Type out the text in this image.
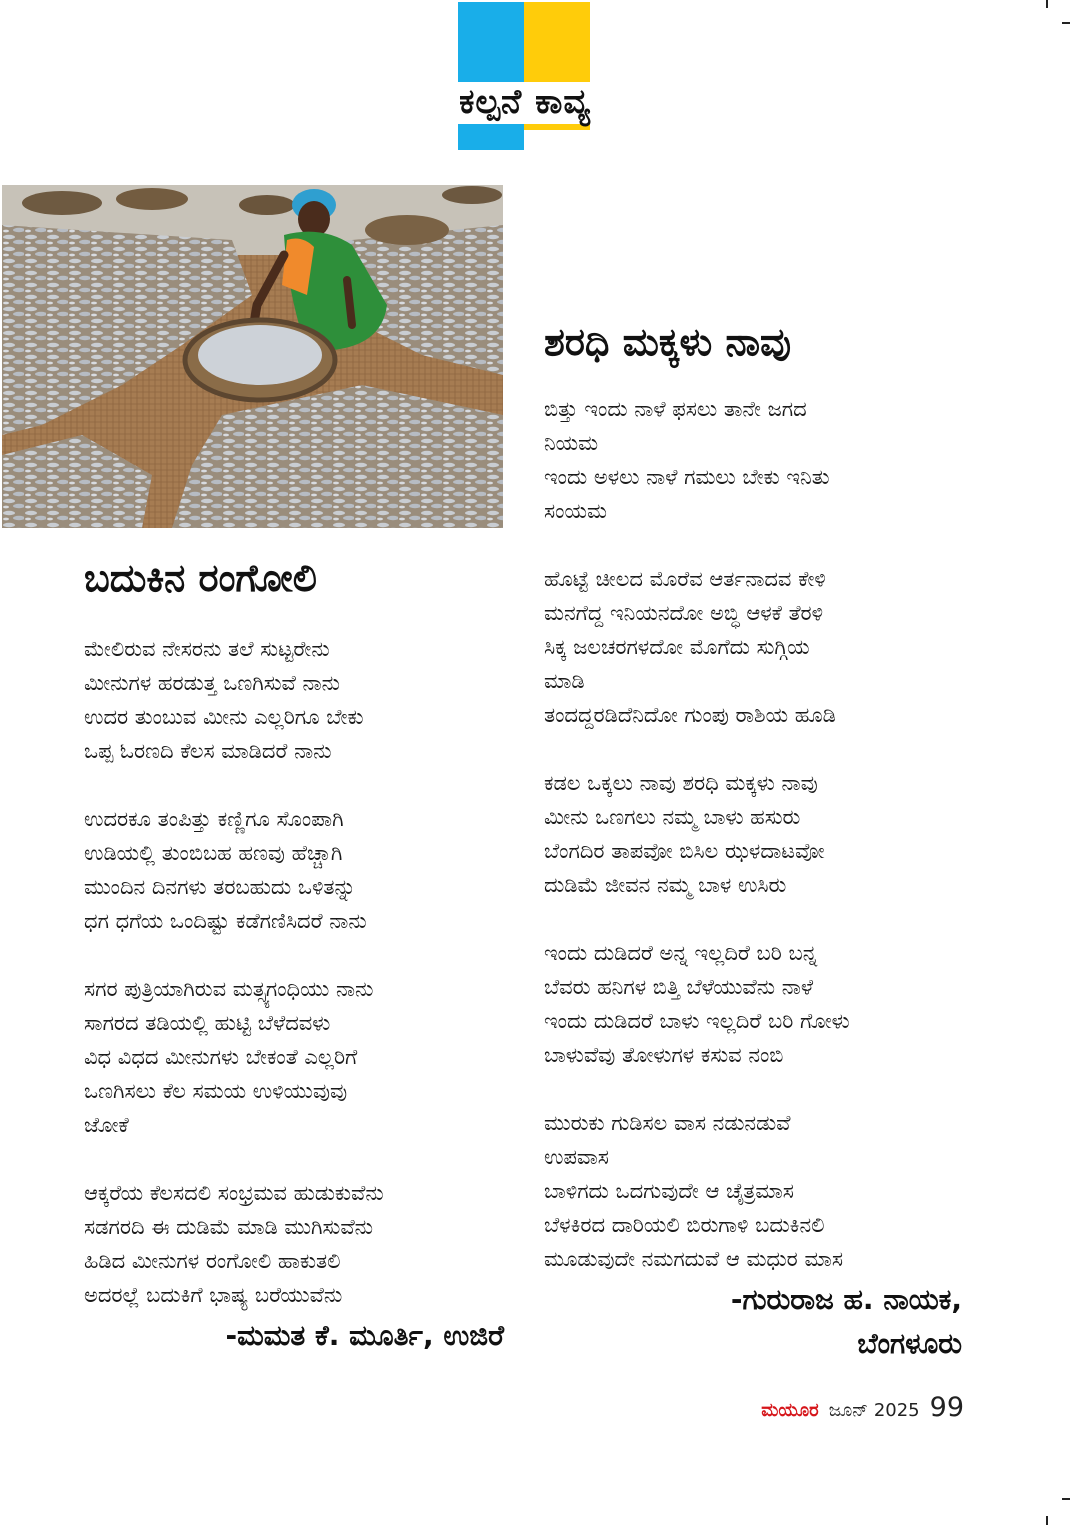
ಕಲ್ಪನೆ ಕಾವ್ಯ
ಬದುಕಿನ ರಂಗೋಲಿ
ಮೇಲಿರುವ ನೇಸರನು ತಲೆ ಸುಟ್ಟರೇನು
ಮೀನುಗಳ ಹರಡುತ್ತ ಒಣಗಿಸುವೆ ನಾನು
ಉದರ ತುಂಬುವ ಮೀನು ಎಲ್ಲರಿಗೂ ಬೇಕು
ಒಪ್ಪ ಓರಣದಿ ಕೆಲಸ ಮಾಡಿದರೆ ನಾನು
ಉದರಕೂ ತಂಪಿತ್ತು ಕಣ್ಣಿಗೂ ಸೊಂಪಾಗಿ
ಉಡಿಯಲ್ಲಿ ತುಂಬಿಬಹ ಹಣವು ಹೆಚ್ಚಾಗಿ
ಮುಂದಿನ ದಿನಗಳು ತರಬಹುದು ಒಳಿತನ್ನು
ಧಗ ಧಗೆಯ ಒಂದಿಷ್ಟು ಕಡೆಗಣಿಸಿದರೆ ನಾನು
ಸಗರ ಪುತ್ರಿಯಾಗಿರುವ ಮತ್ಸ್ಯಗಂಧಿಯು ನಾನು
ಸಾಗರದ ತಡಿಯಲ್ಲಿ ಹುಟ್ಟಿ ಬೆಳೆದವಳು
ವಿಧ ವಿಧದ ಮೀನುಗಳು ಬೇಕಂತೆ ಎಲ್ಲರಿಗೆ
ಒಣಗಿಸಲು ಕೆಲ ಸಮಯ ಉಳಿಯುವುವು
ಜೋಕೆ
ಆಕ್ಕರೆಯ ಕೆಲಸದಲಿ ಸಂಭ್ರಮವ ಹುಡುಕುವೆನು
ಸಡಗರದಿ ಈ ದುಡಿಮೆ ಮಾಡಿ ಮುಗಿಸುವೆನು
ಹಿಡಿದ ಮೀನುಗಳ ರಂಗೋಲಿ ಹಾಕುತಲಿ
ಅದರಲ್ಲೆ ಬದುಕಿಗೆ ಭಾಷ್ಯ ಬರೆಯುವೆನು
-ಮಮತ ಕೆ. ಮೂರ್ತಿ, ಉಜಿರೆ
ಶರಧಿ ಮಕ್ಕಳು ನಾವು
ಬಿತ್ತು ಇಂದು ನಾಳೆ ಫಸಲು ತಾನೇ ಜಗದ
ನಿಯಮ
ಇಂದು ಅಳಲು ನಾಳೆ ಗಮಲು ಬೇಕು ಇನಿತು
ಸಂಯಮ
ಹೊಟ್ಟೆ ಚೀಲದ ಮೊರೆವ ಆರ್ತನಾದವ ಕೇಳಿ
ಮನಗೆದ್ದ ಇನಿಯನದೋ ಅಬ್ಧಿ ಆಳಕೆ ತೆರಳಿ
ಸಿಕ್ಕ ಜಲಚರಗಳದೋ ಮೊಗೆದು ಸುಗ್ಗಿಯ
ಮಾಡಿ
ತಂದದ್ದರಡಿದೆನಿದೋ ಗುಂಪು ರಾಶಿಯ ಹೂಡಿ
ಕಡಲ ಒಕ್ಕಲು ನಾವು ಶರಧಿ ಮಕ್ಕಳು ನಾವು
ಮೀನು ಒಣಗಲು ನಮ್ಮ ಬಾಳು ಹಸುರು
ಬೆಂಗದಿರ ತಾಪವೋ ಬಿಸಿಲ ಝಳದಾಟವೋ
ದುಡಿಮೆ ಜೀವನ ನಮ್ಮ ಬಾಳ ಉಸಿರು
ಇಂದು ದುಡಿದರೆ ಅನ್ನ ಇಲ್ಲದಿರೆ ಬರಿ ಬನ್ನ
ಬೆವರು ಹನಿಗಳ ಬಿತ್ತಿ ಬೆಳೆಯುವೆನು ನಾಳೆ
ಇಂದು ದುಡಿದರೆ ಬಾಳು ಇಲ್ಲದಿರೆ ಬರಿ ಗೋಳು
ಬಾಳುವೆವು ತೋಳುಗಳ ಕಸುವ ನಂಬಿ
ಮುರುಕು ಗುಡಿಸಲ ವಾಸ ನಡುನಡುವೆ
ಉಪವಾಸ
ಬಾಳಿಗದು ಒದಗುವುದೇ ಆ ಚೈತ್ರಮಾಸ
ಬೆಳಕಿರದ ದಾರಿಯಲಿ ಬಿರುಗಾಳಿ ಬದುಕಿನಲಿ
ಮೂಡುವುದೇ ನಮಗದುವೆ ಆ ಮಧುರ ಮಾಸ
-ಗುರುರಾಜ ಹ. ನಾಯಕ,
ಬೆಂಗಳೂರು
ಮಯೂರ ಜೂನ್ 2025 99
